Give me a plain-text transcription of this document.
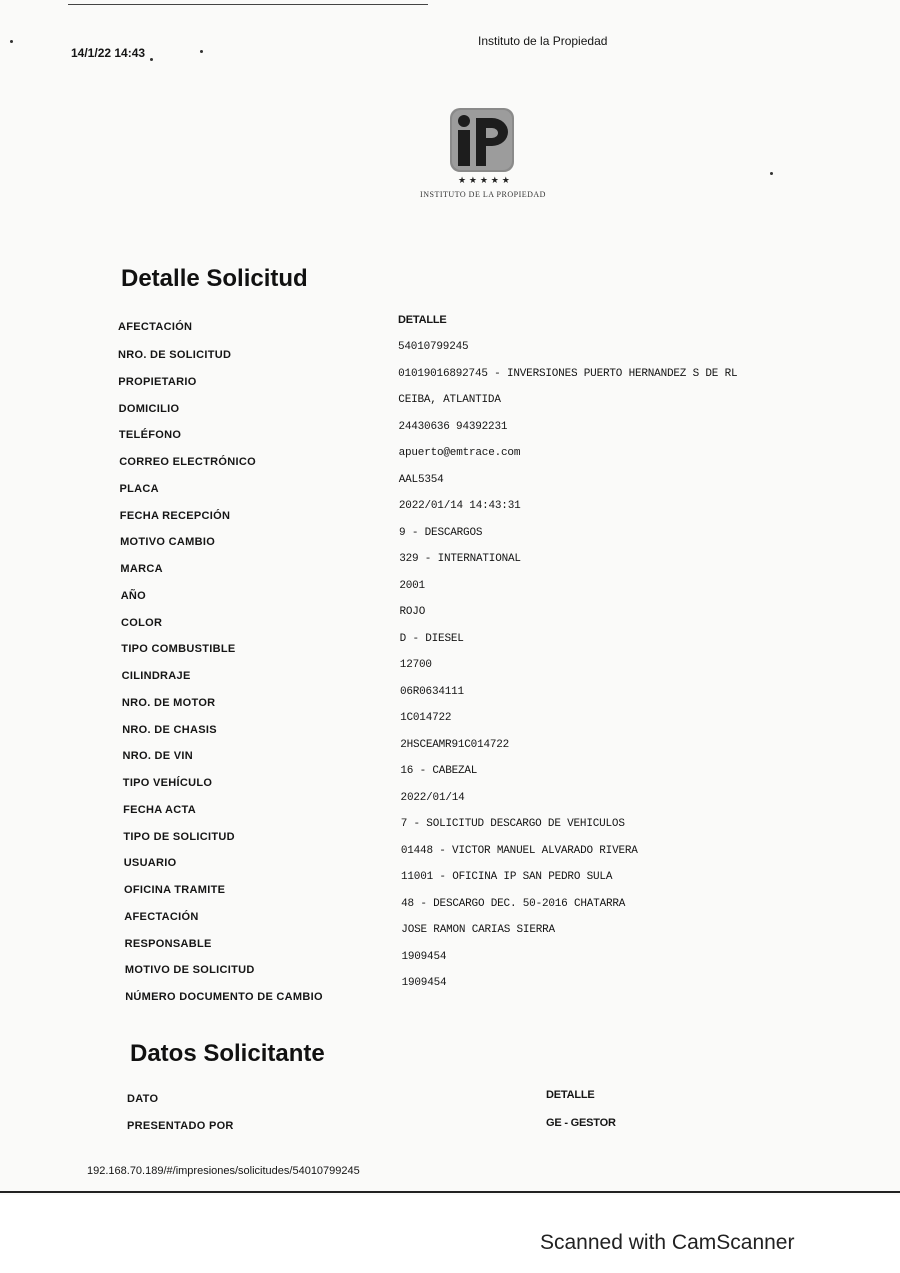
14/1/22 14:43
Instituto de la Propiedad
★ ★ ★ ★ ★
INSTITUTO DE LA PROPIEDAD
Detalle Solicitud
AFECTACIÓN
DETALLE
NRO. DE SOLICITUD
54010799245
PROPIETARIO
01019016892745 - INVERSIONES PUERTO HERNANDEZ S DE RL
DOMICILIO
CEIBA, ATLANTIDA
TELÉFONO
24430636 94392231
CORREO ELECTRÓNICO
apuerto@emtrace.com
PLACA
AAL5354
FECHA RECEPCIÓN
2022/01/14 14:43:31
MOTIVO CAMBIO
9 - DESCARGOS
MARCA
329 - INTERNATIONAL
AÑO
2001
COLOR
ROJO
TIPO COMBUSTIBLE
D - DIESEL
CILINDRAJE
12700
NRO. DE MOTOR
06R0634111
NRO. DE CHASIS
1C014722
NRO. DE VIN
2HSCEAMR91C014722
TIPO VEHÍCULO
16 - CABEZAL
FECHA ACTA
2022/01/14
TIPO DE SOLICITUD
7 - SOLICITUD DESCARGO DE VEHICULOS
USUARIO
01448 - VICTOR MANUEL ALVARADO RIVERA
OFICINA TRAMITE
11001 - OFICINA IP SAN PEDRO SULA
AFECTACIÓN
48 - DESCARGO DEC. 50-2016 CHATARRA
RESPONSABLE
JOSE RAMON CARIAS SIERRA
MOTIVO DE SOLICITUD
1909454
NÚMERO DOCUMENTO DE CAMBIO
1909454
Datos Solicitante
DATO	DETALLE
PRESENTADO POR	GE - GESTOR
192.168.70.189/#/impresiones/solicitudes/54010799245
Scanned with CamScanner
